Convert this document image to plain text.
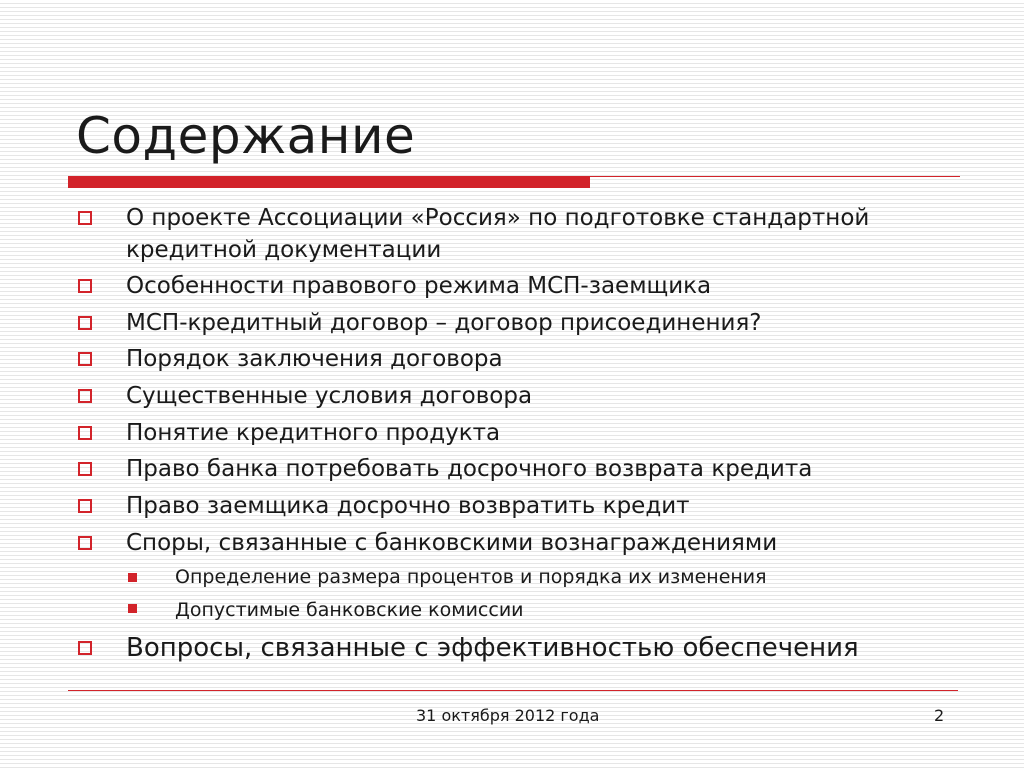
Содержание
О проекте Ассоциации «Россия» по подготовке стандартной
кредитной документации
Особенности правового режима МСП-заемщика
МСП-кредитный договор – договор присоединения?
Порядок заключения договора
Существенные условия договора
Понятие кредитного продукта
Право банка потребовать досрочного возврата кредита
Право заемщика досрочно возвратить кредит
Споры, связанные с банковскими вознаграждениями
Определение размера процентов и порядка их изменения
Допустимые банковские комиссии
Вопросы, связанные с эффективностью обеспечения
31 октября 2012 года	2
